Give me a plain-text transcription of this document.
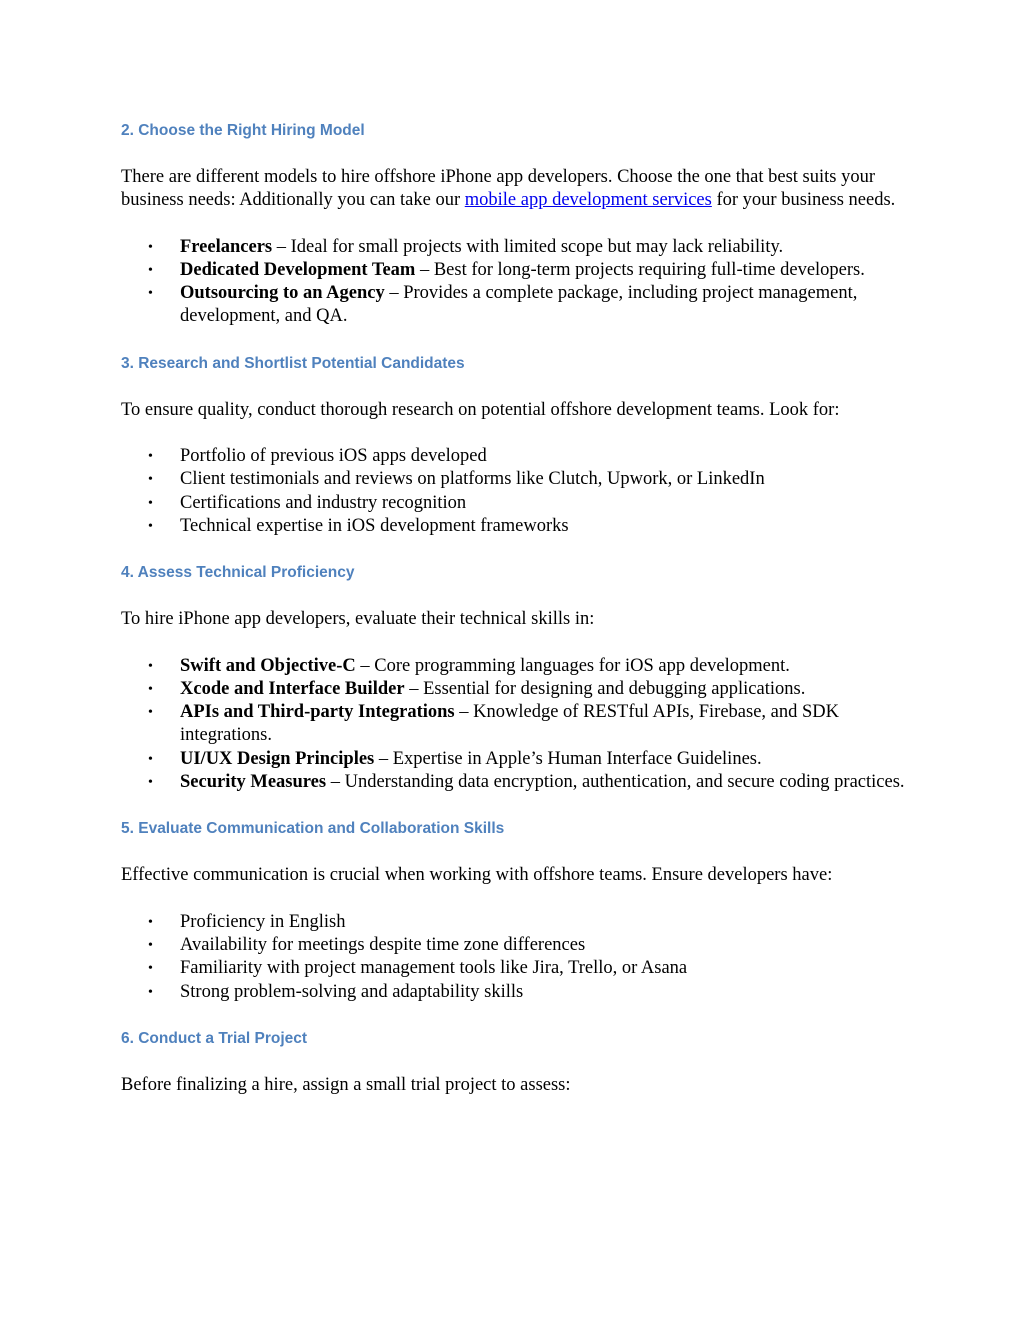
2. Choose the Right Hiring Model

There are different models to hire offshore iPhone app developers. Choose the one that best suits your business needs: Additionally you can take our mobile app development services for your business needs.

• Freelancers – Ideal for small projects with limited scope but may lack reliability.
• Dedicated Development Team – Best for long-term projects requiring full-time developers.
• Outsourcing to an Agency – Provides a complete package, including project management, development, and QA.
3. Research and Shortlist Potential Candidates

To ensure quality, conduct thorough research on potential offshore development teams. Look for:

• Portfolio of previous iOS apps developed
• Client testimonials and reviews on platforms like Clutch, Upwork, or LinkedIn
• Certifications and industry recognition
• Technical expertise in iOS development frameworks
4. Assess Technical Proficiency

To hire iPhone app developers, evaluate their technical skills in:

• Swift and Objective-C – Core programming languages for iOS app development.
• Xcode and Interface Builder – Essential for designing and debugging applications.
• APIs and Third-party Integrations – Knowledge of RESTful APIs, Firebase, and SDK integrations.
• UI/UX Design Principles – Expertise in Apple’s Human Interface Guidelines.
• Security Measures – Understanding data encryption, authentication, and secure coding practices.
5. Evaluate Communication and Collaboration Skills

Effective communication is crucial when working with offshore teams. Ensure developers have:

• Proficiency in English
• Availability for meetings despite time zone differences
• Familiarity with project management tools like Jira, Trello, or Asana
• Strong problem-solving and adaptability skills
6. Conduct a Trial Project

Before finalizing a hire, assign a small trial project to assess:
